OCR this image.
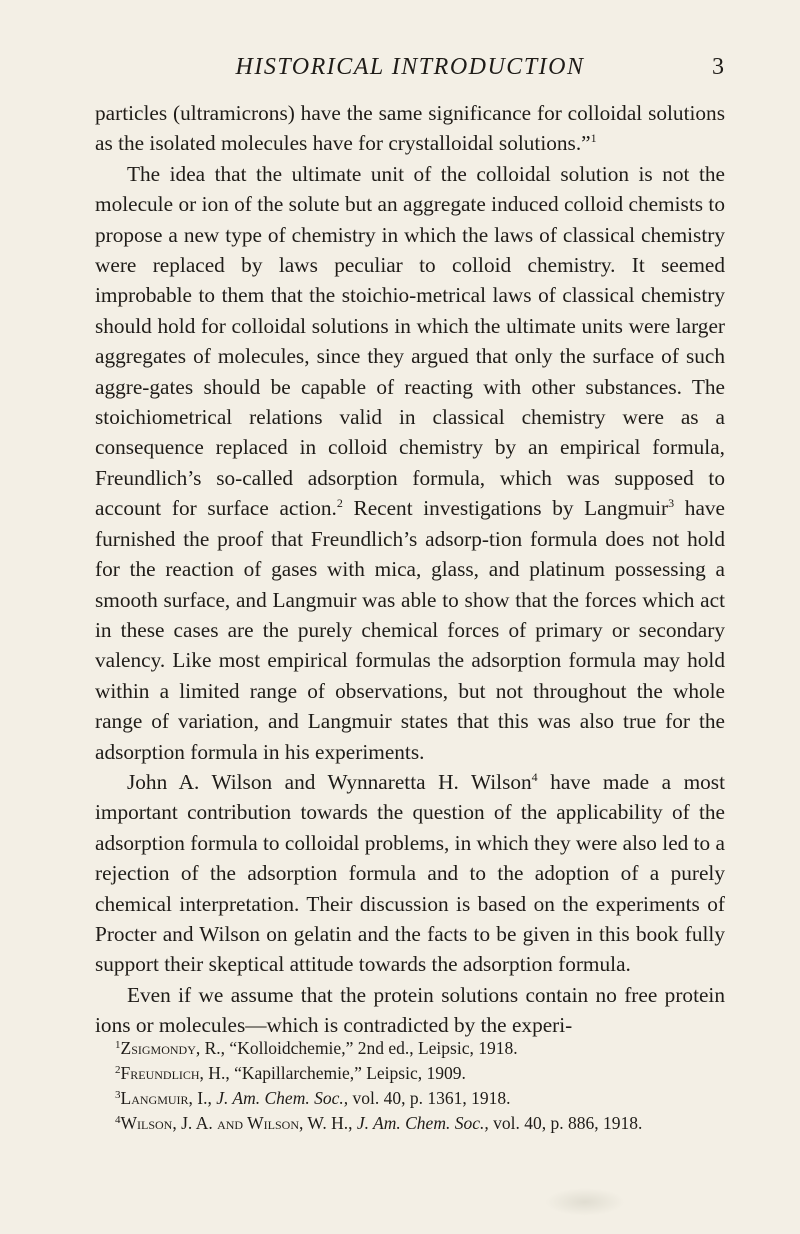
HISTORICAL INTRODUCTION	3

particles (ultramicrons) have the same significance for colloidal solutions as the isolated molecules have for crystalloidal solutions.”$^1$

The idea that the ultimate unit of the colloidal solution is not the molecule or ion of the solute but an aggregate induced colloid chemists to propose a new type of chemistry in which the laws of classical chemistry were replaced by laws peculiar to colloid chemistry. It seemed improbable to them that the stoichio-metrical laws of classical chemistry should hold for colloidal solutions in which the ultimate units were larger aggregates of molecules, since they argued that only the surface of such aggre-gates should be capable of reacting with other substances. The stoichiometrical relations valid in classical chemistry were as a consequence replaced in colloid chemistry by an empirical formula, Freundlich’s so-called adsorption formula, which was supposed to account for surface action.$^2$ Recent investigations by Langmuir$^3$ have furnished the proof that Freundlich’s adsorp-tion formula does not hold for the reaction of gases with mica, glass, and platinum possessing a smooth surface, and Langmuir was able to show that the forces which act in these cases are the purely chemical forces of primary or secondary valency. Like most empirical formulas the adsorption formula may hold within a limited range of observations, but not throughout the whole range of variation, and Langmuir states that this was also true for the adsorption formula in his experiments.

John A. Wilson and Wynnaretta H. Wilson$^4$ have made a most important contribution towards the question of the applicability of the adsorption formula to colloidal problems, in which they were also led to a rejection of the adsorption formula and to the adoption of a purely chemical interpretation. Their discussion is based on the experiments of Procter and Wilson on gelatin and the facts to be given in this book fully support their skeptical attitude towards the adsorption formula.

Even if we assume that the protein solutions contain no free protein ions or molecules—which is contradicted by the experi-

$^1$Zsigmondy, R., “Kolloidchemie,” 2nd ed., Leipsic, 1918.

$^2$Freundlich, H., “Kapillarchemie,” Leipsic, 1909.

$^3$Langmuir, I., J. Am. Chem. Soc., vol. 40, p. 1361, 1918.

$^4$Wilson, J. A. and Wilson, W. H., J. Am. Chem. Soc., vol. 40, p. 886, 1918.
